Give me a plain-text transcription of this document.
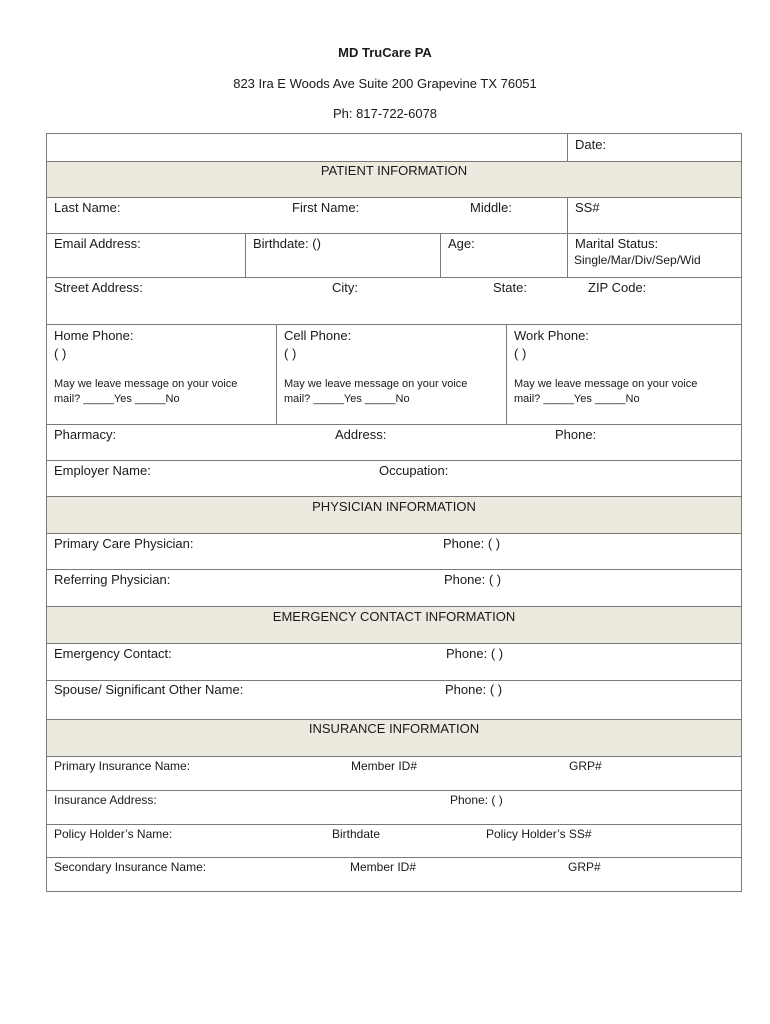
MD TruCare PA
823 Ira E Woods Ave Suite 200 Grapevine TX 76051
Ph: 817-722-6078
Date:
PATIENT INFORMATION
Last Name:	First Name:	Middle:	SS#
Email Address:	Birthdate: ()	Age:	Marital Status:
Single/Mar/Div/Sep/Wid
Street Address:	City:	State:	ZIP Code:
Home Phone:
( )
May we leave message on your voice
mail? _____Yes _____No
Cell Phone:
( )
May we leave message on your voice
mail? _____Yes _____No
Work Phone:
( )
May we leave message on your voice
mail? _____Yes _____No
Pharmacy:	Address:	Phone:
Employer Name:	Occupation:
PHYSICIAN INFORMATION
Primary Care Physician:	Phone: ( )
Referring Physician:	Phone: ( )
EMERGENCY CONTACT INFORMATION
Emergency Contact:	Phone: ( )
Spouse/ Significant Other Name:	Phone: ( )
INSURANCE INFORMATION
Primary Insurance Name:	Member ID#	GRP#
Insurance Address:	Phone: ( )
Policy Holder’s Name:	Birthdate	Policy Holder’s SS#
Secondary Insurance Name:	Member ID#	GRP#
